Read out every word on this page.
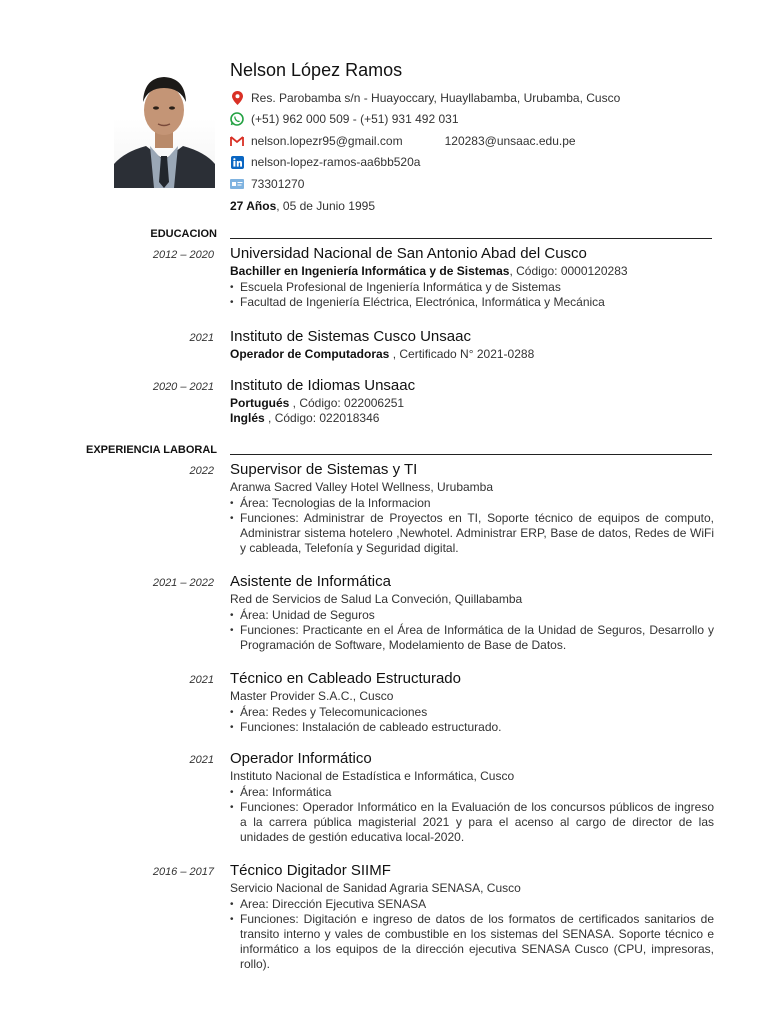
Nelson López Ramos
Res. Parobamba s/n - Huayoccary, Huayllabamba, Urubamba, Cusco
(+51) 962 000 509 - (+51) 931 492 031
nelson.lopezr95@gmail.com	120283@unsaac.edu.pe
nelson-lopez-ramos-aa6bb520a
73301270
27 Años, 05 de Junio 1995
EDUCACION
2012 – 2020 Universidad Nacional de San Antonio Abad del Cusco
Bachiller en Ingeniería Informática y de Sistemas, Código: 0000120283
• Escuela Profesional de Ingeniería Informática y de Sistemas
• Facultad de Ingeniería Eléctrica, Electrónica, Informática y Mecánica
2021 Instituto de Sistemas Cusco Unsaac
Operador de Computadoras , Certificado N° 2021-0288
2020 – 2021 Instituto de Idiomas Unsaac
Portugués , Código: 022006251
Inglés , Código: 022018346
EXPERIENCIA LABORAL
2022 Supervisor de Sistemas y TI
Aranwa Sacred Valley Hotel Wellness, Urubamba
• Área: Tecnologias de la Informacion
• Funciones: Administrar de Proyectos en TI, Soporte técnico de equipos de computo, Administrar sistema hotelero ,Newhotel. Administrar ERP, Base de datos, Redes de WiFi y cableada, Telefonía y Seguridad digital.
2021 – 2022 Asistente de Informática
Red de Servicios de Salud La Conveción, Quillabamba
• Área: Unidad de Seguros
• Funciones: Practicante en el Área de Informática de la Unidad de Seguros, Desarrollo y Programación de Software, Modelamiento de Base de Datos.
2021 Técnico en Cableado Estructurado
Master Provider S.A.C., Cusco
• Área: Redes y Telecomunicaciones
• Funciones: Instalación de cableado estructurado.
2021 Operador Informático
Instituto Nacional de Estadística e Informática, Cusco
• Área: Informática
• Funciones: Operador Informático en la Evaluación de los concursos públicos de ingreso a la carrera pública magisterial 2021 y para el acenso al cargo de director de las unidades de gestión educativa local-2020.
2016 – 2017 Técnico Digitador SIIMF
Servicio Nacional de Sanidad Agraria SENASA, Cusco
• Area: Dirección Ejecutiva SENASA
• Funciones: Digitación e ingreso de datos de los formatos de certificados sanitarios de transito interno y vales de combustible en los sistemas del SENASA. Soporte técnico e informático a los equipos de la dirección ejecutiva SENASA Cusco (CPU, impresoras, rollo).
